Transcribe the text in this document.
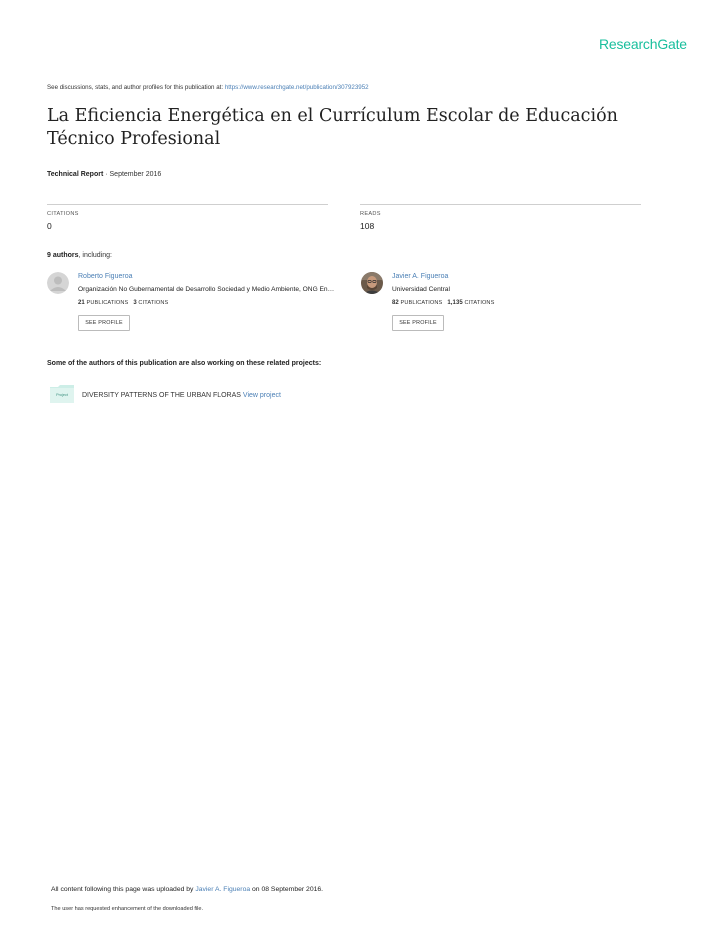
ResearchGate
See discussions, stats, and author profiles for this publication at: https://www.researchgate.net/publication/307923952
La Eficiencia Energética en el Currículum Escolar de Educación Técnico Profesional
Technical Report · September 2016
CITATIONS
0
READS
108
9 authors, including:
Roberto Figueroa
Organización No Gubernamental de Desarrollo Sociedad y Medio Ambiente, ONG En…
21 PUBLICATIONS 3 CITATIONS
SEE PROFILE
Javier A. Figueroa
Universidad Central
82 PUBLICATIONS 1,135 CITATIONS
SEE PROFILE
Some of the authors of this publication are also working on these related projects:
Project	DIVERSITY PATTERNS OF THE URBAN FLORAS View project
All content following this page was uploaded by Javier A. Figueroa on 08 September 2016.
The user has requested enhancement of the downloaded file.
